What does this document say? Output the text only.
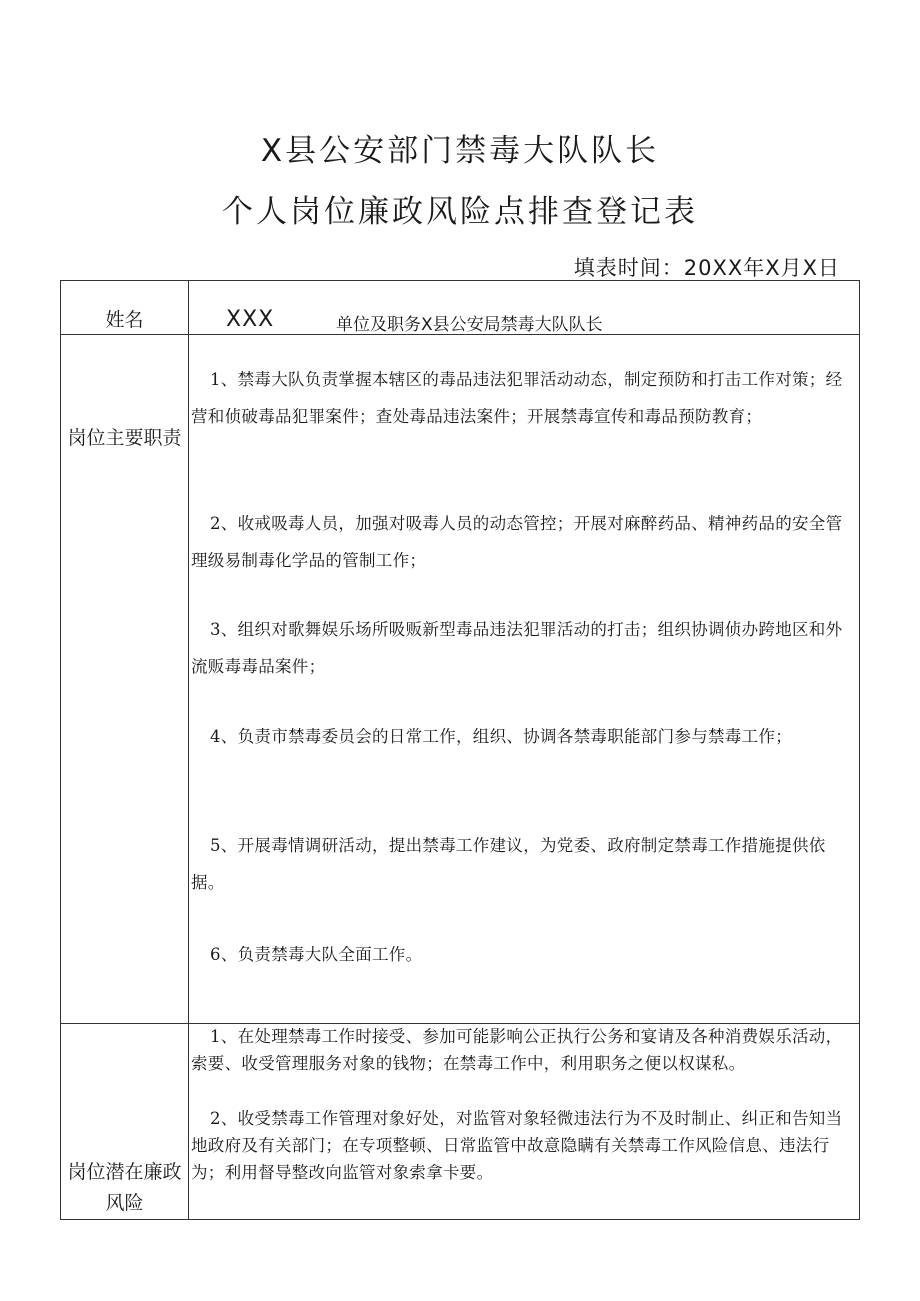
X县公安部门禁毒大队队长
个人岗位廉政风险点排查登记表
填表时间：20XX年X月X日
姓名	XXX	单位及职务X县公安局禁毒大队队长
岗位主要职责
1、禁毒大队负责掌握本辖区的毒品违法犯罪活动动态，制定预防和打击工作对策；经营和侦破毒品犯罪案件；查处毒品违法案件；开展禁毒宣传和毒品预防教育；
2、收戒吸毒人员，加强对吸毒人员的动态管控；开展对麻醉药品、精神药品的安全管理级易制毒化学品的管制工作；
3、组织对歌舞娱乐场所吸贩新型毒品违法犯罪活动的打击；组织协调侦办跨地区和外流贩毒毒品案件；
4、负责市禁毒委员会的日常工作，组织、协调各禁毒职能部门参与禁毒工作；
5、开展毒情调研活动，提出禁毒工作建议，为党委、政府制定禁毒工作措施提供依据。
6、负责禁毒大队全面工作。
岗位潜在廉政风险
1、在处理禁毒工作时接受、参加可能影响公正执行公务和宴请及各种消费娱乐活动，索要、收受管理服务对象的钱物；在禁毒工作中，利用职务之便以权谋私。
2、收受禁毒工作管理对象好处，对监管对象轻微违法行为不及时制止、纠正和告知当地政府及有关部门；在专项整顿、日常监管中故意隐瞒有关禁毒工作风险信息、违法行为；利用督导整改向监管对象索拿卡要。
